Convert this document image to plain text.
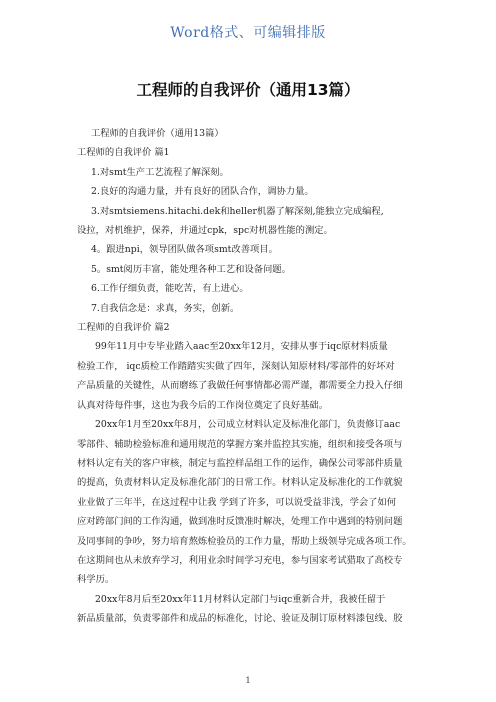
Word格式、可编辑排版
工程师的自我评价（通用13篇）
工程师的自我评价（通用13篇）
工程师的自我评价 篇1
1.对smt生产工艺流程了解深刻。
2.良好的沟通力量，并有良好的团队合作，调协力量。
3.对smtsiemens.hitachi.dek和heller机器了解深刻,能独立完成编程,
设拉，对机维护，保养，并通过cpk，spc对机器性能的测定。
4。跟进npi，领导团队做各项smt改善项目。
5。smt阅历丰富，能处理各种工艺和设备问题。
6.工作仔细负责，能吃苦，有上进心。
7.自我信念是：求真，务实，创新。
工程师的自我评价 篇2
99年11月中专毕业踏入aac至20xx年12月，安排从事于iqc原材料质量
检验工作， iqc质检工作踏踏实实做了四年，深刻认知原材料/零部件的好坏对
产品质量的关键性，从而磨练了我做任何事情都必需严谨，都需要全力投入仔细
认真对待每件事，这也为我今后的工作岗位奠定了良好基础。
20xx年1月至20xx年8月，公司成立材料认定及标准化部门，负责修订aac
零部件、辅助检验标准和通用规范的掌握方案并监控其实施，组织和接受各项与
材料认定有关的客户审核，制定与监控样品组工作的运作，确保公司零部件质量
的提高，负责材料认定及标准化部门的日常工作。材料认定及标准化的工作就貌
业业做了三年半，在这过程中让我 学到了许多，可以说受益非浅，学会了如何
应对跨部门间的工作沟通，做到准时反馈准时解决，处理工作中遇到的特别问题
及同事间的争吵，努力培育熬炼检验员的工作力量，帮助上级领导完成各项工作。
在这期间也从未放弃学习，利用业余时间学习充电，参与国家考试猎取了高校专
科学历。
20xx年8月后至20xx年11月材料认定部门与iqc重新合并，我被任留于
新品质量部，负责零部件和成品的标准化，讨论、验证及制订原材料漆包线、胶
1
